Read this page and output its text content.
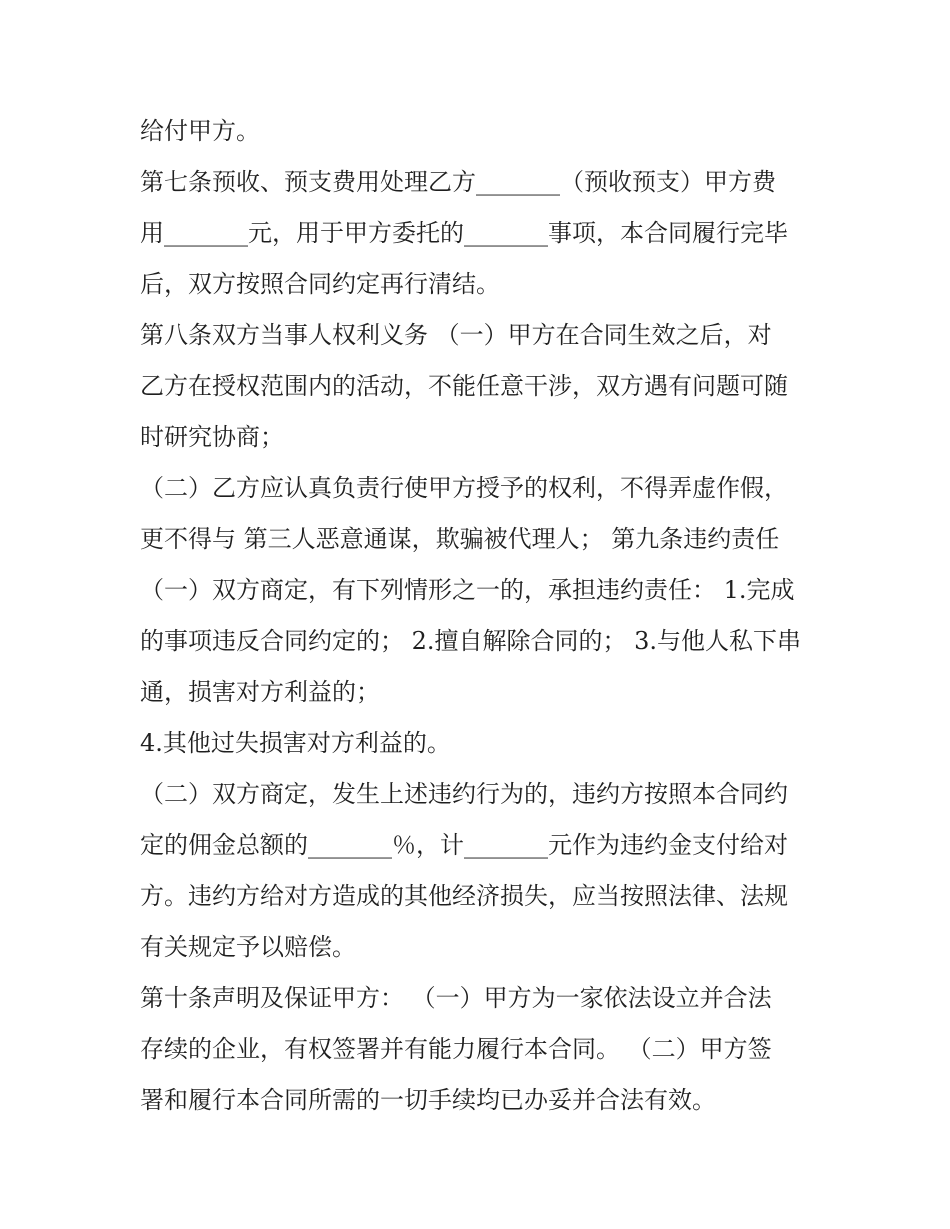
给付甲方。

第七条预收、预支费用处理乙方_______（预收预支）甲方费

用_______元，用于甲方委托的_______事项，本合同履行完毕

后，双方按照合同约定再行清结。

第八条双方当事人权利义务 （一）甲方在合同生效之后，对

乙方在授权范围内的活动，不能任意干涉，双方遇有问题可随

时研究协商；

（二）乙方应认真负责行使甲方授予的权利，不得弄虚作假，

更不得与 第三人恶意通谋，欺骗被代理人； 第九条违约责任

（一）双方商定，有下列情形之一的，承担违约责任： 1.完成

的事项违反合同约定的； 2.擅自解除合同的； 3.与他人私下串

通，损害对方利益的；

4.其他过失损害对方利益的。

（二）双方商定，发生上述违约行为的，违约方按照本合同约

定的佣金总额的_______％，计_______元作为违约金支付给对

方。违约方给对方造成的其他经济损失，应当按照法律、法规

有关规定予以赔偿。

第十条声明及保证甲方： （一）甲方为一家依法设立并合法

存续的企业，有权签署并有能力履行本合同。 （二）甲方签

署和履行本合同所需的一切手续均已办妥并合法有效。
